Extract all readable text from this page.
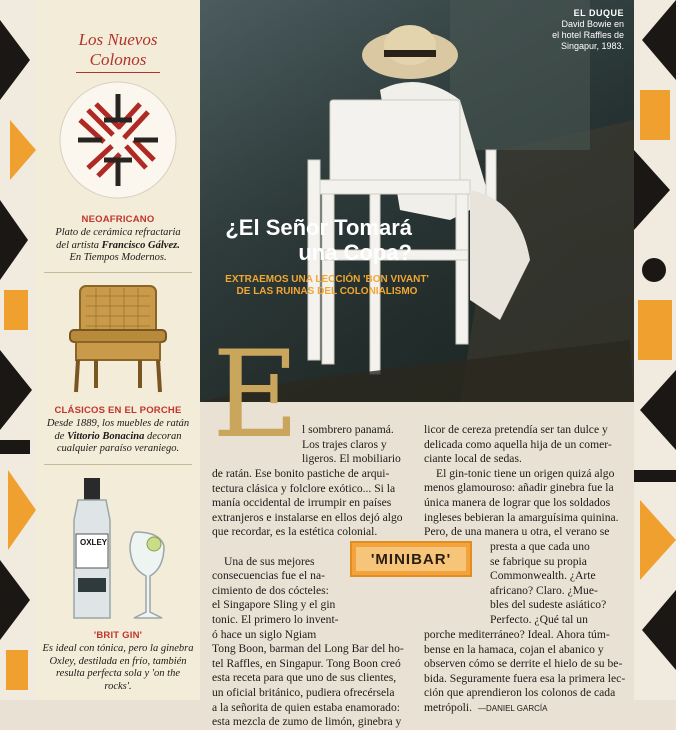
Los Nuevos
Colonos
NEOAFRICANO
Plato de cerámica refractaria
del artista Francisco Gálvez.
En Tiempos Modernos.
CLÁSICOS EN EL PORCHE
Desde 1889, los muebles de ratán
de Vittorio Bonacina decoran
cualquier paraíso veraniego.
OXLEY
'BRIT GIN'
Es ideal con tónica, pero la ginebra
Oxley, destilada en frío, también
resulta perfecta sola y 'on the rocks'.
EL DUQUE
David Bowie en
el hotel Raffles de
Singapur, 1983.
¿El Señor Tomará
una Copa?
EXTRAEMOS UNA LECCIÓN 'BON VIVANT'
DE LAS RUINAS DEL COLONIALISMO
E l sombrero panamá.
Los trajes claros y
ligeros. El mobiliario
de ratán. Ese bonito pastiche de arqui-
tectura clásica y folclore exótico... Si la
manía occidental de irrumpir en países
extranjeros e instalarse en ellos dejó algo
que recordar, es la estética colonial.

Una de sus mejores
consecuencias fue el na-
cimiento de dos cócteles:
el Singapore Sling y el gin
tonic. El primero lo invent-
ó hace un siglo Ngiam
Tong Boon, barman del Long Bar del ho-
tel Raffles, en Singapur. Tong Boon creó
esta receta para que uno de sus clientes,
un oficial británico, pudiera ofrecérsela
a la señorita de quien estaba enamorado:
esta mezcla de zumo de limón, ginebra y
licor de cereza pretendía ser tan dulce y
delicada como aquella hija de un comer-
ciante local de sedas.
El gin-tonic tiene un origen quizá algo
menos glamouroso: añadir ginebra fue la
única manera de lograr que los soldados
ingleses bebieran la amarguísima quinina.
Pero, de una manera u otra, el verano se
presta a que cada uno
se fabrique su propia
Commonwealth. ¿Arte
africano? Claro. ¿Mue-
bles del sudeste asiático?
Perfecto. ¿Qué tal un
porche mediterráneo? Ideal. Ahora túm-
bense en la hamaca, cojan el abanico y
observen cómo se derrite el hielo de su be-
bida. Seguramente fuera esa la primera lec-
ción que aprendieron los colonos de cada
metrópoli. —DANIEL GARCÍA
'MINIBAR'
